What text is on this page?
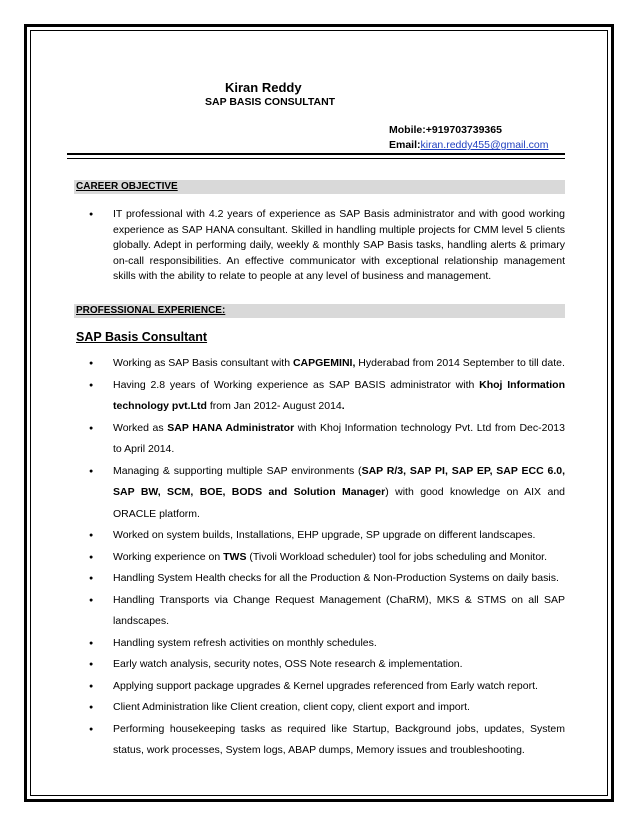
Kiran Reddy
SAP BASIS CONSULTANT
Mobile:+919703739365
Email:kiran.reddy455@gmail.com
CAREER OBJECTIVE
● IT professional with 4.2 years of experience as SAP Basis administrator and with good working experience as SAP HANA consultant. Skilled in handling multiple projects for CMM level 5 clients globally. Adept in performing daily, weekly & monthly SAP Basis tasks, handling alerts & primary on-call responsibilities. An effective communicator with exceptional relationship management skills with the ability to relate to people at any level of business and management.
PROFESSIONAL EXPERIENCE:
SAP Basis Consultant
● Working as SAP Basis consultant with CAPGEMINI, Hyderabad from 2014 September to till date.
● Having 2.8 years of Working experience as SAP BASIS administrator with Khoj Information technology pvt.Ltd from Jan 2012- August 2014.
● Worked as SAP HANA Administrator with Khoj Information technology Pvt. Ltd from Dec-2013 to April 2014.
● Managing & supporting multiple SAP environments (SAP R/3, SAP PI, SAP EP, SAP ECC 6.0, SAP BW, SCM, BOE, BODS and Solution Manager) with good knowledge on AIX and ORACLE platform.
● Worked on system builds, Installations, EHP upgrade, SP upgrade on different landscapes.
● Working experience on TWS (Tivoli Workload scheduler) tool for jobs scheduling and Monitor.
● Handling System Health checks for all the Production & Non-Production Systems on daily basis.
● Handling Transports via Change Request Management (ChaRM), MKS & STMS on all SAP landscapes.
● Handling system refresh activities on monthly schedules.
● Early watch analysis, security notes, OSS Note research & implementation.
● Applying support package upgrades & Kernel upgrades referenced from Early watch report.
● Client Administration like Client creation, client copy, client export and import.
● Performing housekeeping tasks as required like Startup, Background jobs, updates, System status, work processes, System logs, ABAP dumps, Memory issues and troubleshooting.
